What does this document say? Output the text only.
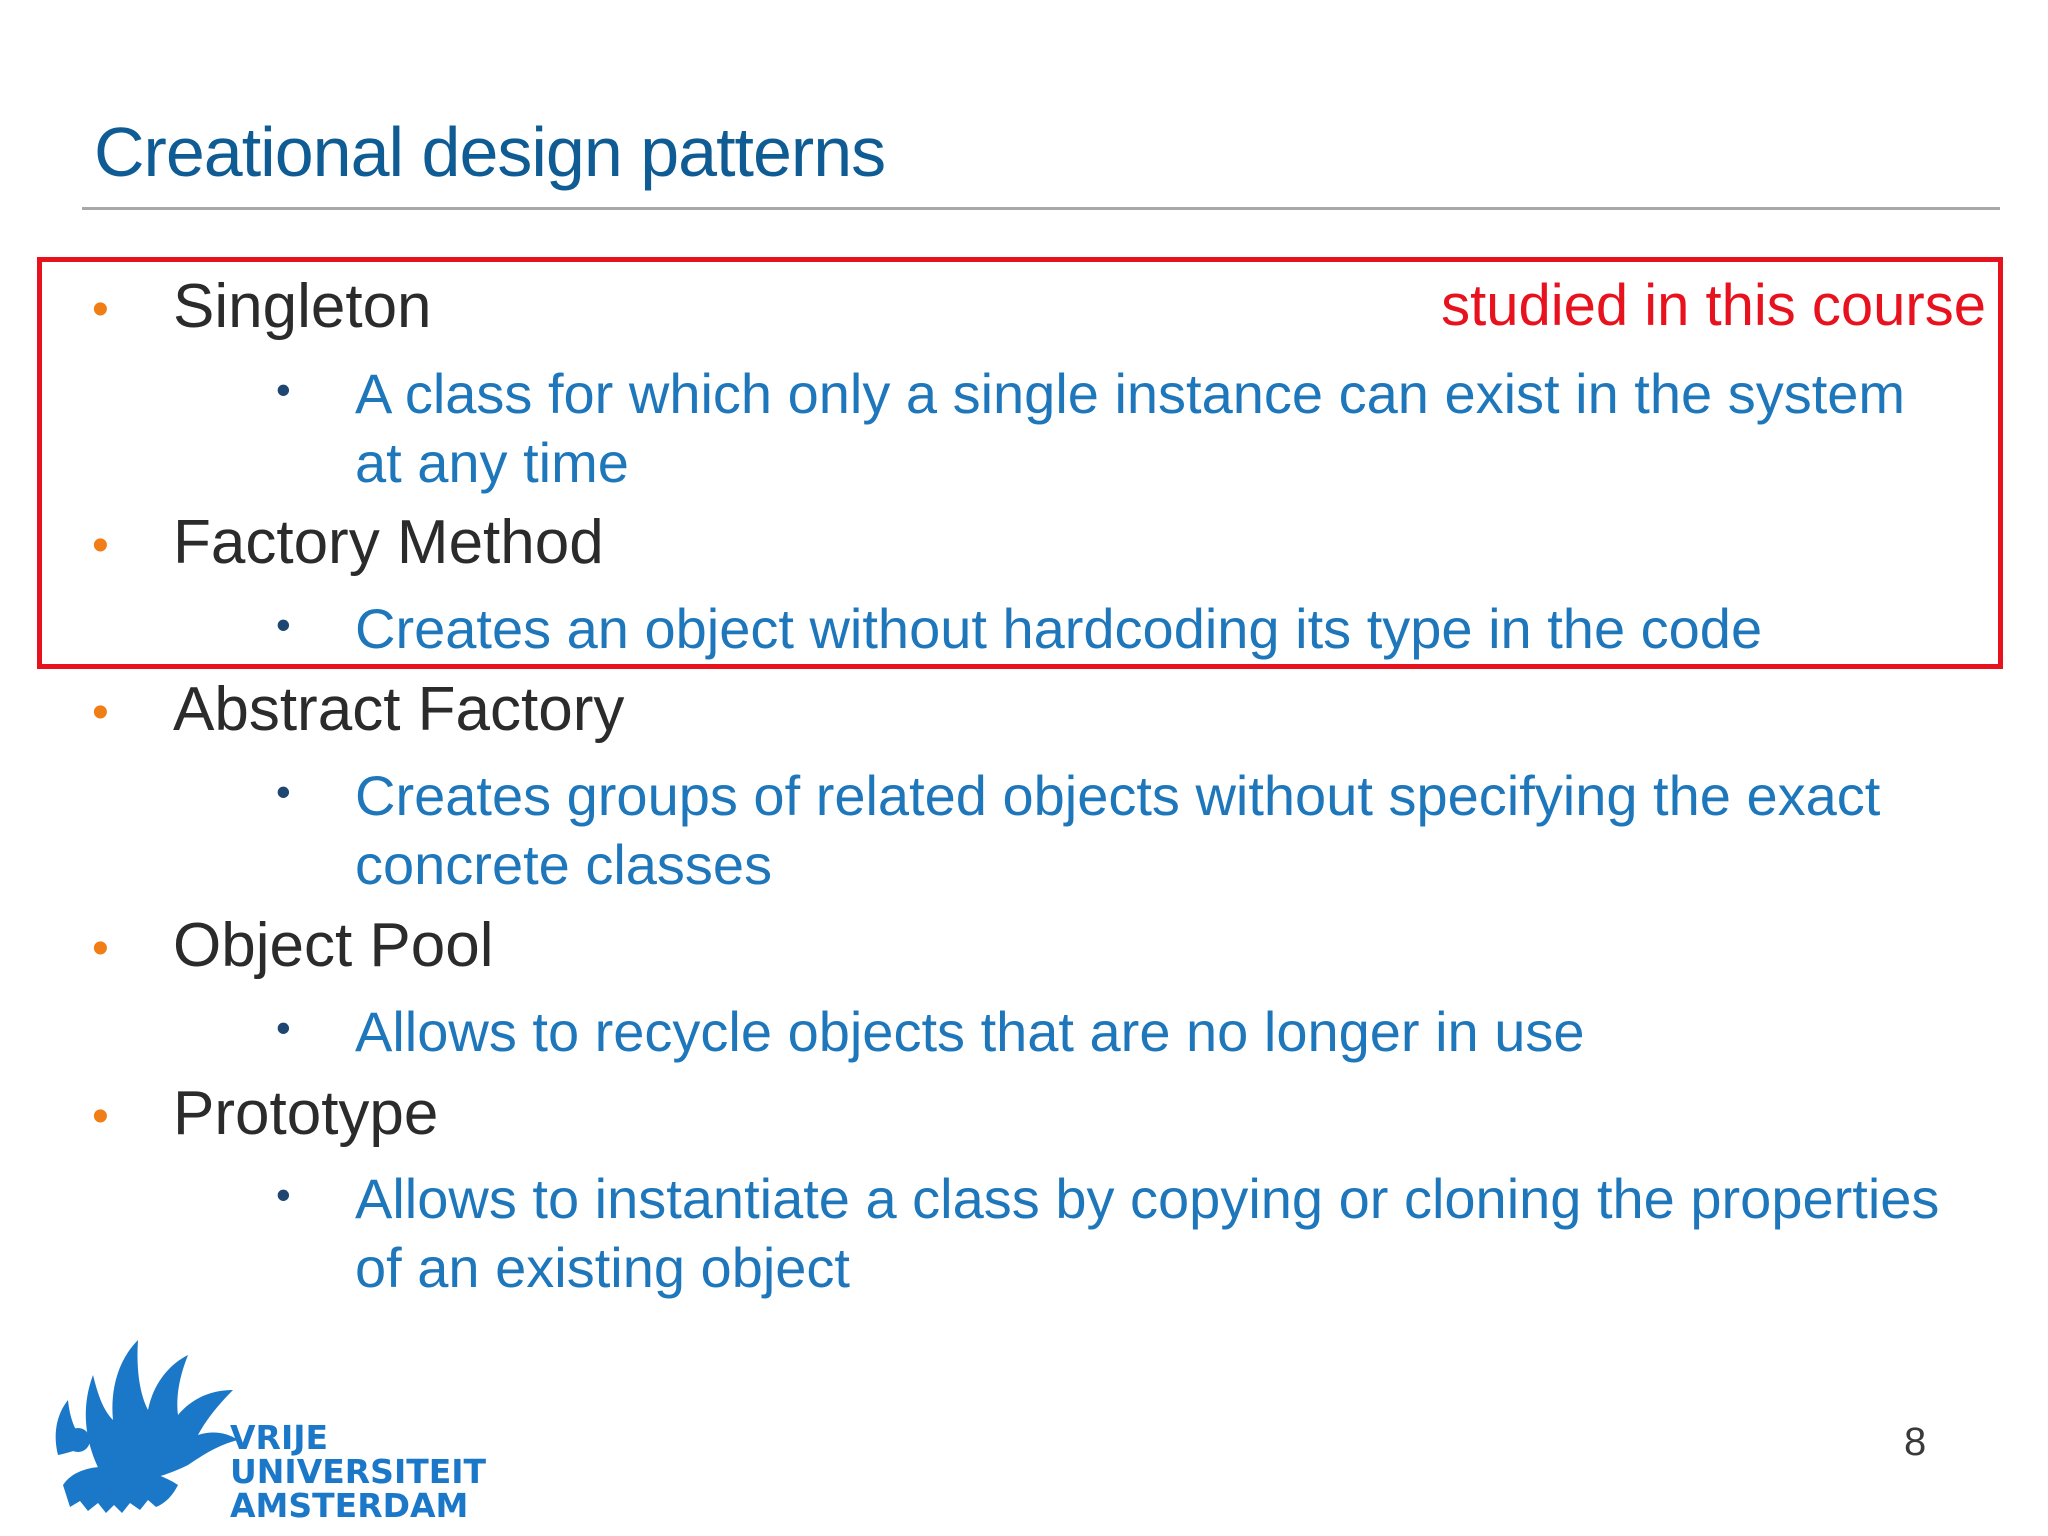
Creational design patterns
studied in this course
• Singleton
• A class for which only a single instance can exist in the system at any time
• Factory Method
• Creates an object without hardcoding its type in the code
• Abstract Factory
• Creates groups of related objects without specifying the exact concrete classes
• Object Pool
• Allows to recycle objects that are no longer in use
• Prototype
• Allows to instantiate a class by copying or cloning the properties of an existing object
VRIJE
UNIVERSITEIT
AMSTERDAM
8
